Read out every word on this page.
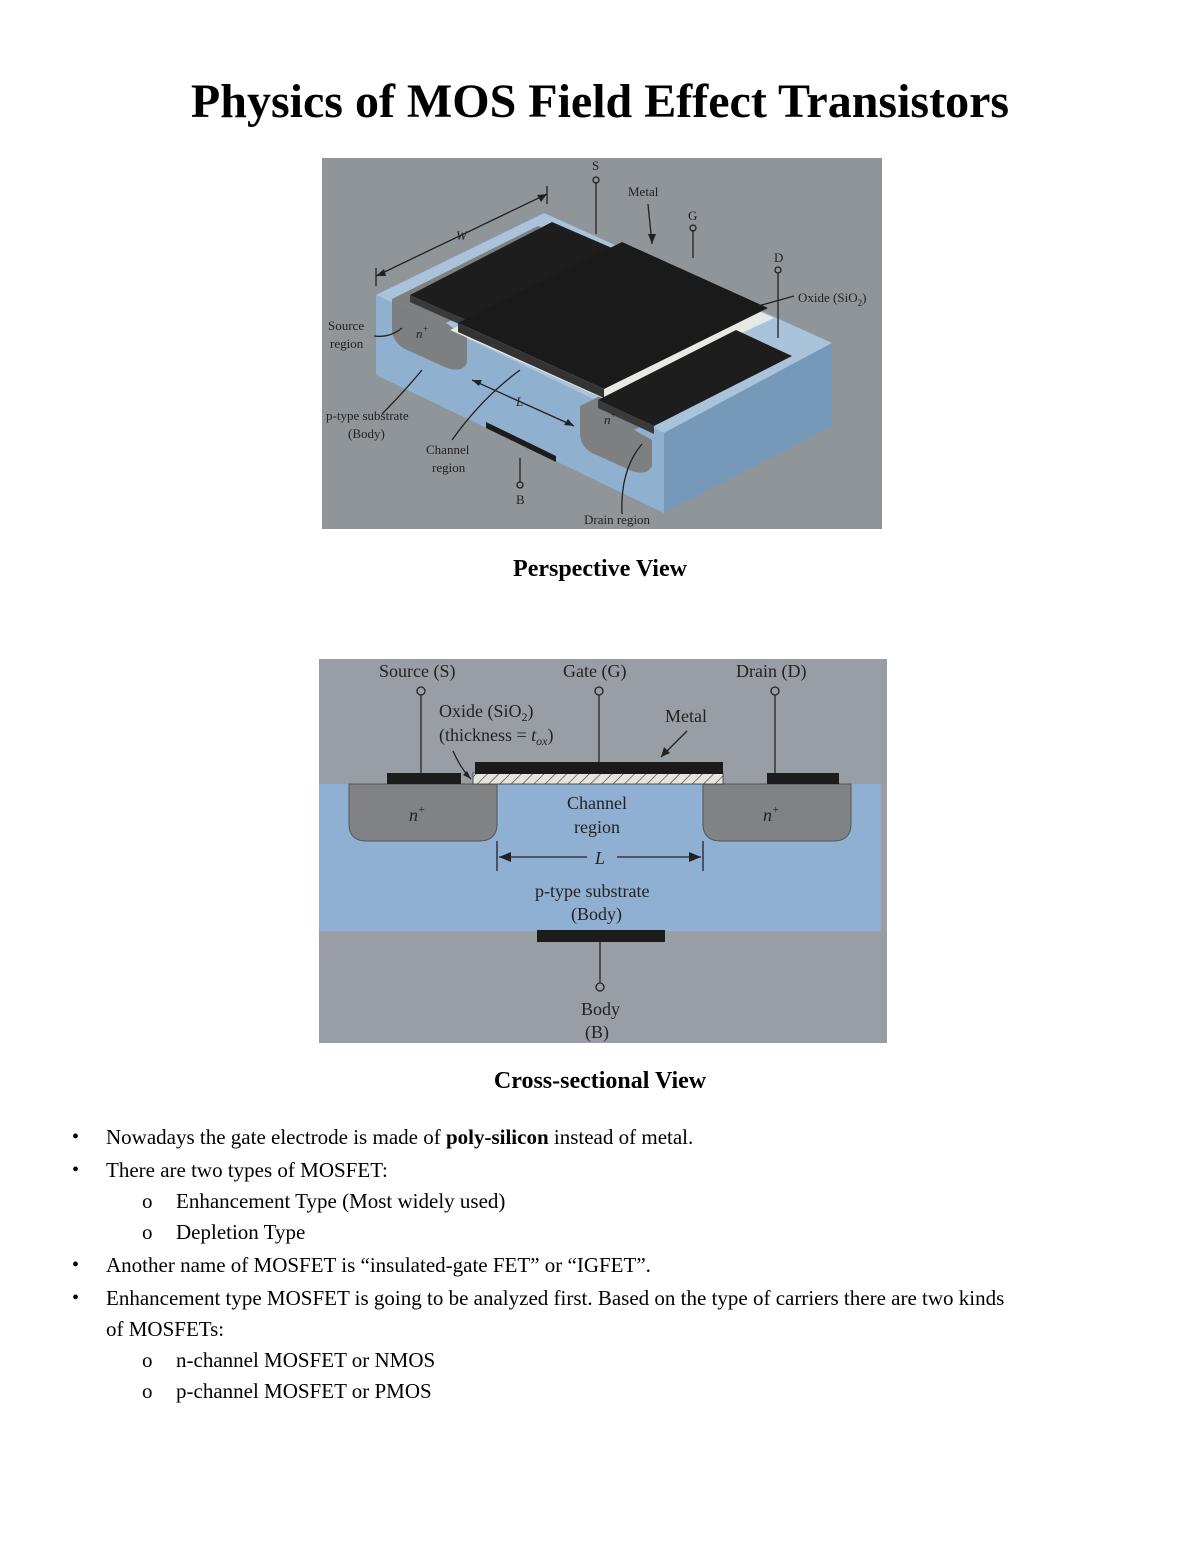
Physics of MOS Field Effect Transistors
S
Metal
G
D
Oxide (SiO$_2$)
W
L
n+
n+
Source
region
p-type substrate
(Body)
Channel
region
B
Drain region
Perspective View
Source (S)	Gate (G)	Drain (D)
Oxide (SiO$_2$)
(thickness = $t_{ox}$)
Metal
n+	n+
Channel
region
L
p-type substrate
(Body)
Body
(B)
Cross-sectional View
• Nowadays the gate electrode is made of poly-silicon instead of metal.
• There are two types of MOSFET:
o Enhancement Type (Most widely used)
o Depletion Type
• Another name of MOSFET is “insulated-gate FET” or “IGFET”.
• Enhancement type MOSFET is going to be analyzed first. Based on the type of carriers there are two kinds
of MOSFETs:
o n-channel MOSFET or NMOS
o p-channel MOSFET or PMOS
